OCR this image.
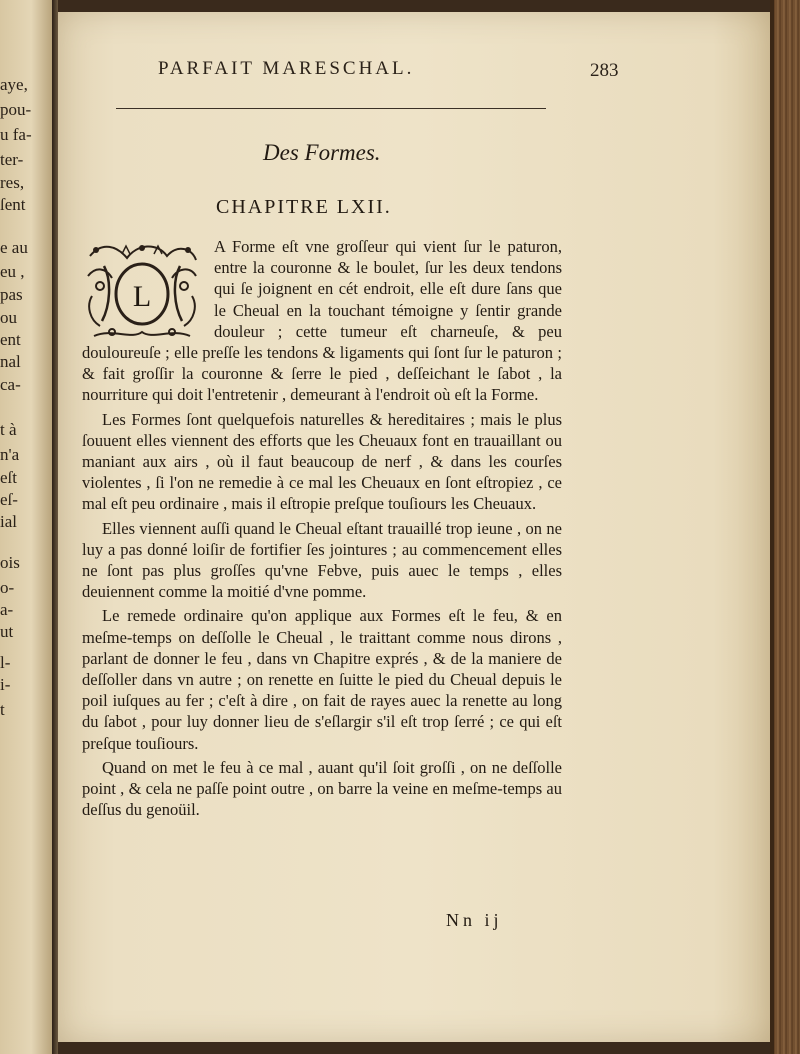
aye,
pou-
u fa-
ter-
res,
ſent
e au
eu ,
pas
ou
ent
nal
ca-
t à
n'a
eſt
eſ-
ial
ois
o-
a-
ut
l-
i-
t
PARFAIT MARESCHAL.	283
Des Formes.
CHAPITRE LXII.
L

A Forme eſt vne groſſeur qui vient ſur le paturon, entre la couronne & le boulet, ſur les deux tendons qui ſe joignent en cét endroit, elle eſt dure ſans que le Cheual en la touchant témoigne y ſentir grande douleur ; cette tumeur eſt charneuſe, & peu douloureuſe ; elle preſſe les tendons & ligaments qui ſont ſur le paturon ; & fait groſſir la couronne & ſerre le pied , deſſeichant le ſabot , la nourriture qui doit l'entretenir , demeurant à l'endroit où eſt la Forme.

Les Formes ſont quelquefois naturelles & hereditaires ; mais le plus ſouuent elles viennent des efforts que les Cheuaux font en trauaillant ou maniant aux airs , où il faut beaucoup de nerf , & dans les courſes violentes , ſi l'on ne remedie à ce mal les Cheuaux en ſont eſtropiez , ce mal eſt peu ordinaire , mais il eſtropie preſque touſiours les Cheuaux.

Elles viennent auſſi quand le Cheual eſtant trauaillé trop ieune , on ne luy a pas donné loiſir de fortifier ſes jointures ; au commencement elles ne ſont pas plus groſſes qu'vne Febve, puis auec le temps , elles deuiennent comme la moitié d'vne pomme.

Le remede ordinaire qu'on applique aux Formes eſt le feu, & en meſme-temps on deſſolle le Cheual , le traittant comme nous dirons , parlant de donner le feu , dans vn Chapitre exprés , & de la maniere de deſſoller dans vn autre ; on renette en ſuitte le pied du Cheual depuis le poil iuſques au fer ; c'eſt à dire , on fait de rayes auec la renette au long du ſabot , pour luy donner lieu de s'eſlargir s'il eſt trop ſerré ; ce qui eſt preſque touſiours.

Quand on met le feu à ce mal , auant qu'il ſoit groſſi , on ne deſſolle point , & cela ne paſſe point outre , on barre la veine en meſme-temps au deſſus du genoüil.

Nn ij
